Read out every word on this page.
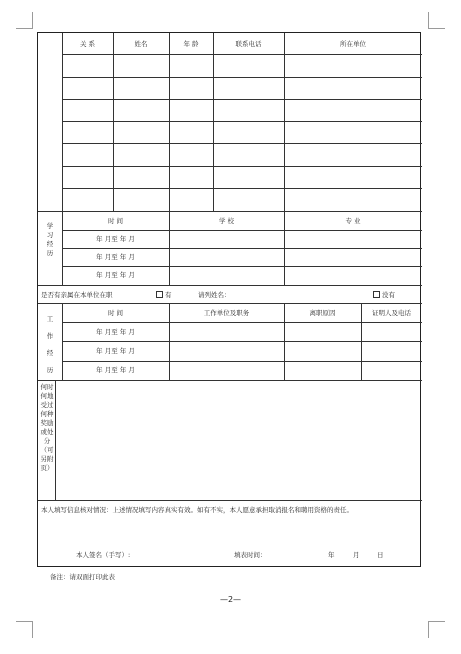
关 系	姓名	年 龄	联系电话	所在单位
学习经历
时 间	学 校	专 业
年 月至 年 月
年 月至 年 月
年 月至 年 月
是否有亲属在本单位在职	有	请列姓名：	没有
工作经历
时 间	工作单位及职务	离职原因	证明人及电话
年 月至 年 月
年 月至 年 月
年 月至 年 月
何时何地受过何种奖励或处分（可另附页）
本人填写信息核对情况：上述情况填写内容真实有效。如有不实，本人愿意承担取消报名和聘用资格的责任。
本人签名（手写）:	填表时间：	年	月	日
备注：请双面打印此表
—2—
